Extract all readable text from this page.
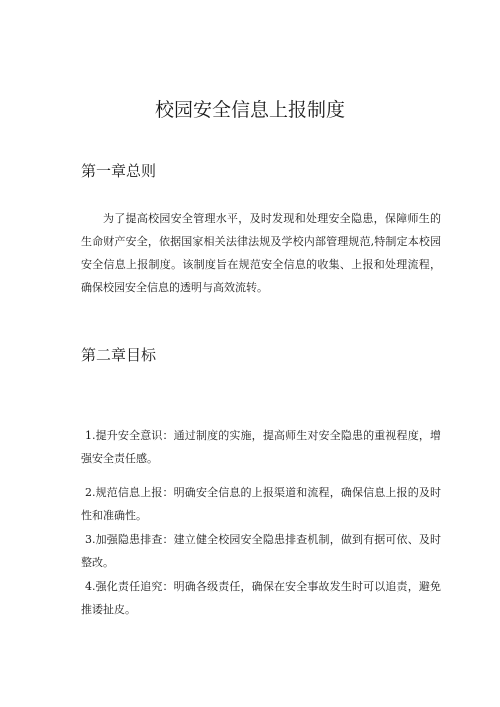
校园安全信息上报制度
第一章总则

为了提高校园安全管理水平，及时发现和处理安全隐患，保障师生的生命财产安全，依据国家相关法律法规及学校内部管理规范,特制定本校园安全信息上报制度。该制度旨在规范安全信息的收集、上报和处理流程，确保校园安全信息的透明与高效流转。

第二章目标

1.提升安全意识：通过制度的实施，提高师生对安全隐患的重视程度，增强安全责任感。

2.规范信息上报：明确安全信息的上报渠道和流程，确保信息上报的及时性和准确性。

3.加强隐患排查：建立健全校园安全隐患排查机制，做到有据可依、及时整改。

4.强化责任追究：明确各级责任，确保在安全事故发生时可以追责，避免推诿扯皮。
